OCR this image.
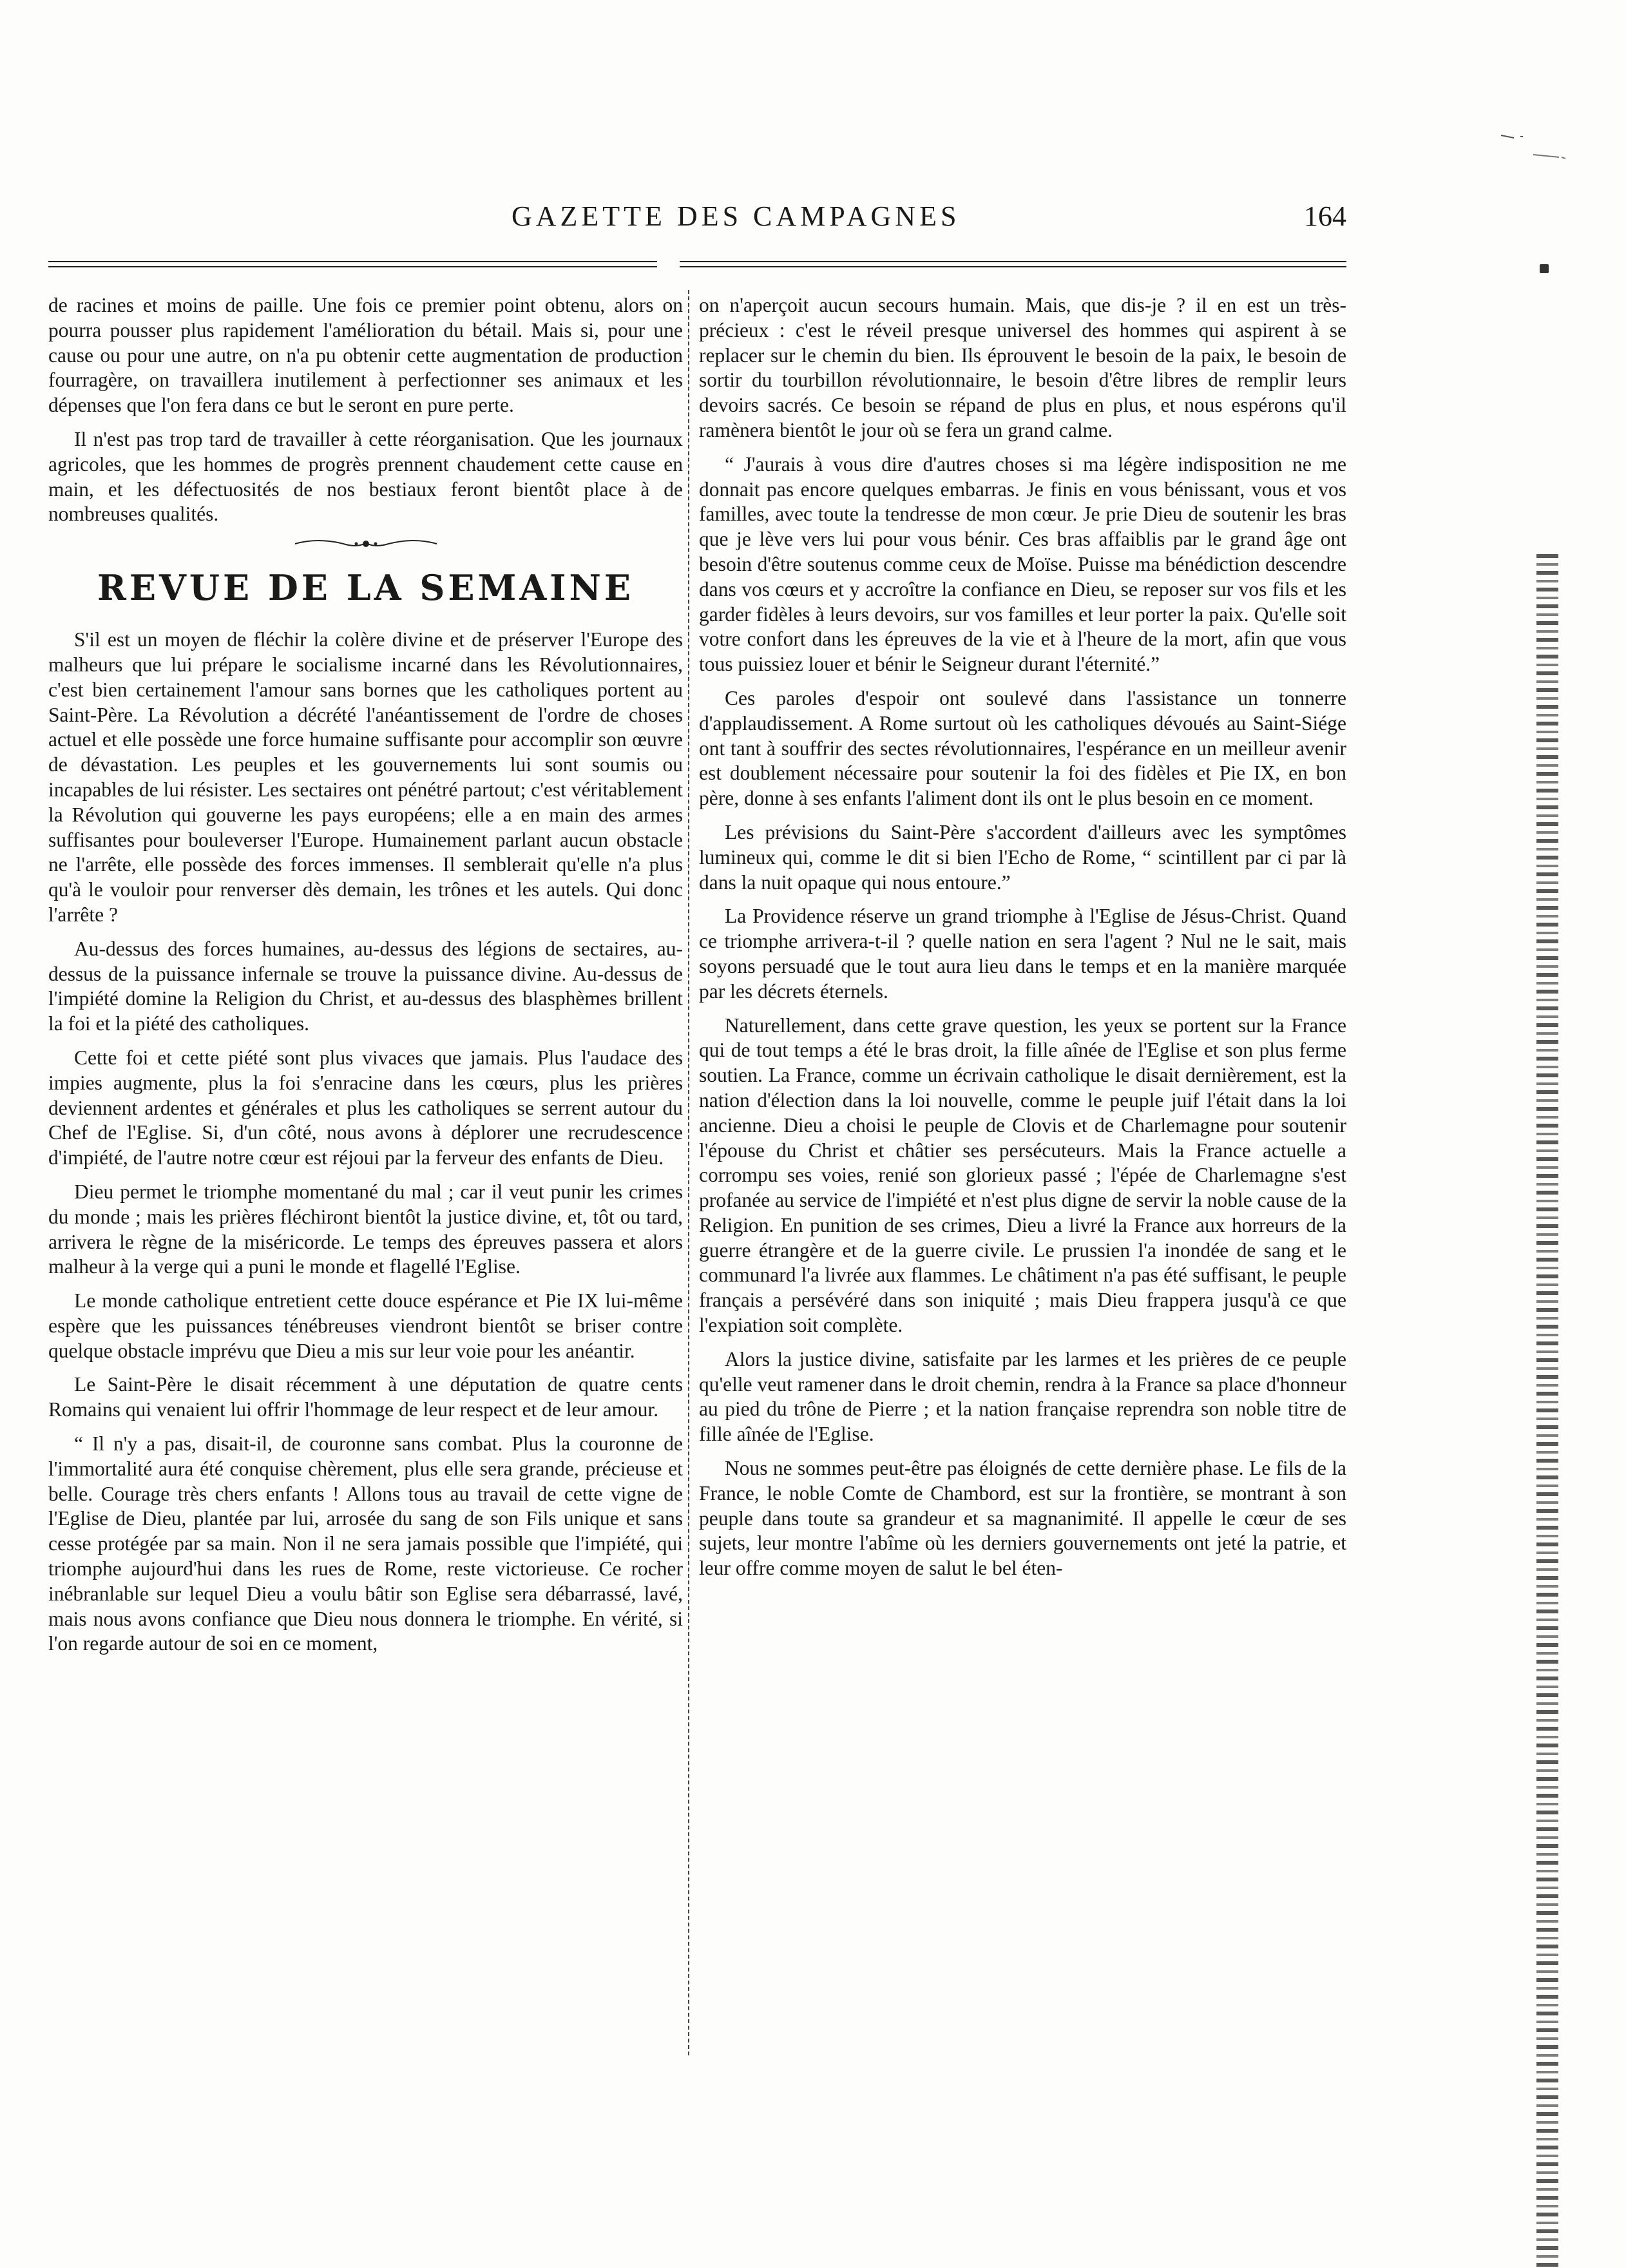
GAZETTE DES CAMPAGNES	164

de racines et moins de paille. Une fois ce premier point obtenu, alors on pourra pousser plus rapidement l'amélioration du bétail. Mais si, pour une cause ou pour une autre, on n'a pu obtenir cette augmentation de production fourragère, on travaillera inutilement à perfectionner ses animaux et les dépenses que l'on fera dans ce but le seront en pure perte.

Il n'est pas trop tard de travailler à cette réorganisation. Que les journaux agricoles, que les hommes de progrès prennent chaudement cette cause en main, et les défectuosités de nos bestiaux feront bientôt place à de nombreuses qualités.

REVUE DE LA SEMAINE

S'il est un moyen de fléchir la colère divine et de préserver l'Europe des malheurs que lui prépare le socialisme incarné dans les Révolutionnaires, c'est bien certainement l'amour sans bornes que les catholiques portent au Saint-Père. La Révolution a décrété l'anéantissement de l'ordre de choses actuel et elle possède une force humaine suffisante pour accomplir son œuvre de dévastation. Les peuples et les gouvernements lui sont soumis ou incapables de lui résister. Les sectaires ont pénétré partout; c'est véritablement la Révolution qui gouverne les pays européens; elle a en main des armes suffisantes pour bouleverser l'Europe. Humainement parlant aucun obstacle ne l'arrête, elle possède des forces immenses. Il semblerait qu'elle n'a plus qu'à le vouloir pour renverser dès demain, les trônes et les autels. Qui donc l'arrête ?

Au-dessus des forces humaines, au-dessus des légions de sectaires, au-dessus de la puissance infernale se trouve la puissance divine. Au-dessus de l'impiété domine la Religion du Christ, et au-dessus des blasphèmes brillent la foi et la piété des catholiques.

Cette foi et cette piété sont plus vivaces que jamais. Plus l'audace des impies augmente, plus la foi s'enracine dans les cœurs, plus les prières deviennent ardentes et générales et plus les catholiques se serrent autour du Chef de l'Eglise. Si, d'un côté, nous avons à déplorer une recrudescence d'impiété, de l'autre notre cœur est réjoui par la ferveur des enfants de Dieu.

Dieu permet le triomphe momentané du mal ; car il veut punir les crimes du monde ; mais les prières fléchiront bientôt la justice divine, et, tôt ou tard, arrivera le règne de la miséricorde. Le temps des épreuves passera et alors malheur à la verge qui a puni le monde et flagellé l'Eglise.

Le monde catholique entretient cette douce espérance et Pie IX lui-même espère que les puissances ténébreuses viendront bientôt se briser contre quelque obstacle imprévu que Dieu a mis sur leur voie pour les anéantir.

Le Saint-Père le disait récemment à une députation de quatre cents Romains qui venaient lui offrir l'hommage de leur respect et de leur amour.

“ Il n'y a pas, disait-il, de couronne sans combat. Plus la couronne de l'immortalité aura été conquise chèrement, plus elle sera grande, précieuse et belle. Courage très chers enfants ! Allons tous au travail de cette vigne de l'Eglise de Dieu, plantée par lui, arrosée du sang de son Fils unique et sans cesse protégée par sa main. Non il ne sera jamais possible que l'impiété, qui triomphe aujourd'hui dans les rues de Rome, reste victorieuse. Ce rocher inébranlable sur lequel Dieu a voulu bâtir son Eglise sera débarrassé, lavé, mais nous avons confiance que Dieu nous donnera le triomphe. En vérité, si l'on regarde autour de soi en ce moment,

on n'aperçoit aucun secours humain. Mais, que dis-je ? il en est un très-précieux : c'est le réveil presque universel des hommes qui aspirent à se replacer sur le chemin du bien. Ils éprouvent le besoin de la paix, le besoin de sortir du tourbillon révolutionnaire, le besoin d'être libres de remplir leurs devoirs sacrés. Ce besoin se répand de plus en plus, et nous espérons qu'il ramènera bientôt le jour où se fera un grand calme.

“ J'aurais à vous dire d'autres choses si ma légère indisposition ne me donnait pas encore quelques embarras. Je finis en vous bénissant, vous et vos familles, avec toute la tendresse de mon cœur. Je prie Dieu de soutenir les bras que je lève vers lui pour vous bénir. Ces bras affaiblis par le grand âge ont besoin d'être soutenus comme ceux de Moïse. Puisse ma bénédiction descendre dans vos cœurs et y accroître la confiance en Dieu, se reposer sur vos fils et les garder fidèles à leurs devoirs, sur vos familles et leur porter la paix. Qu'elle soit votre confort dans les épreuves de la vie et à l'heure de la mort, afin que vous tous puissiez louer et bénir le Seigneur durant l'éternité.”

Ces paroles d'espoir ont soulevé dans l'assistance un tonnerre d'applaudissement. A Rome surtout où les catholiques dévoués au Saint-Siége ont tant à souffrir des sectes révolutionnaires, l'espérance en un meilleur avenir est doublement nécessaire pour soutenir la foi des fidèles et Pie IX, en bon père, donne à ses enfants l'aliment dont ils ont le plus besoin en ce moment.

Les prévisions du Saint-Père s'accordent d'ailleurs avec les symptômes lumineux qui, comme le dit si bien l'Echo de Rome, “ scintillent par ci par là dans la nuit opaque qui nous entoure.”

La Providence réserve un grand triomphe à l'Eglise de Jésus-Christ. Quand ce triomphe arrivera-t-il ? quelle nation en sera l'agent ? Nul ne le sait, mais soyons persuadé que le tout aura lieu dans le temps et en la manière marquée par les décrets éternels.

Naturellement, dans cette grave question, les yeux se portent sur la France qui de tout temps a été le bras droit, la fille aînée de l'Eglise et son plus ferme soutien. La France, comme un écrivain catholique le disait dernièrement, est la nation d'élection dans la loi nouvelle, comme le peuple juif l'était dans la loi ancienne. Dieu a choisi le peuple de Clovis et de Charlemagne pour soutenir l'épouse du Christ et châtier ses persécuteurs. Mais la France actuelle a corrompu ses voies, renié son glorieux passé ; l'épée de Charlemagne s'est profanée au service de l'impiété et n'est plus digne de servir la noble cause de la Religion. En punition de ses crimes, Dieu a livré la France aux horreurs de la guerre étrangère et de la guerre civile. Le prussien l'a inondée de sang et le communard l'a livrée aux flammes. Le châtiment n'a pas été suffisant, le peuple français a persévéré dans son iniquité ; mais Dieu frappera jusqu'à ce que l'expiation soit complète.

Alors la justice divine, satisfaite par les larmes et les prières de ce peuple qu'elle veut ramener dans le droit chemin, rendra à la France sa place d'honneur au pied du trône de Pierre ; et la nation française reprendra son noble titre de fille aînée de l'Eglise.

Nous ne sommes peut-être pas éloignés de cette dernière phase. Le fils de la France, le noble Comte de Chambord, est sur la frontière, se montrant à son peuple dans toute sa grandeur et sa magnanimité. Il appelle le cœur de ses sujets, leur montre l'abîme où les derniers gouvernements ont jeté la patrie, et leur offre comme moyen de salut le bel éten-
